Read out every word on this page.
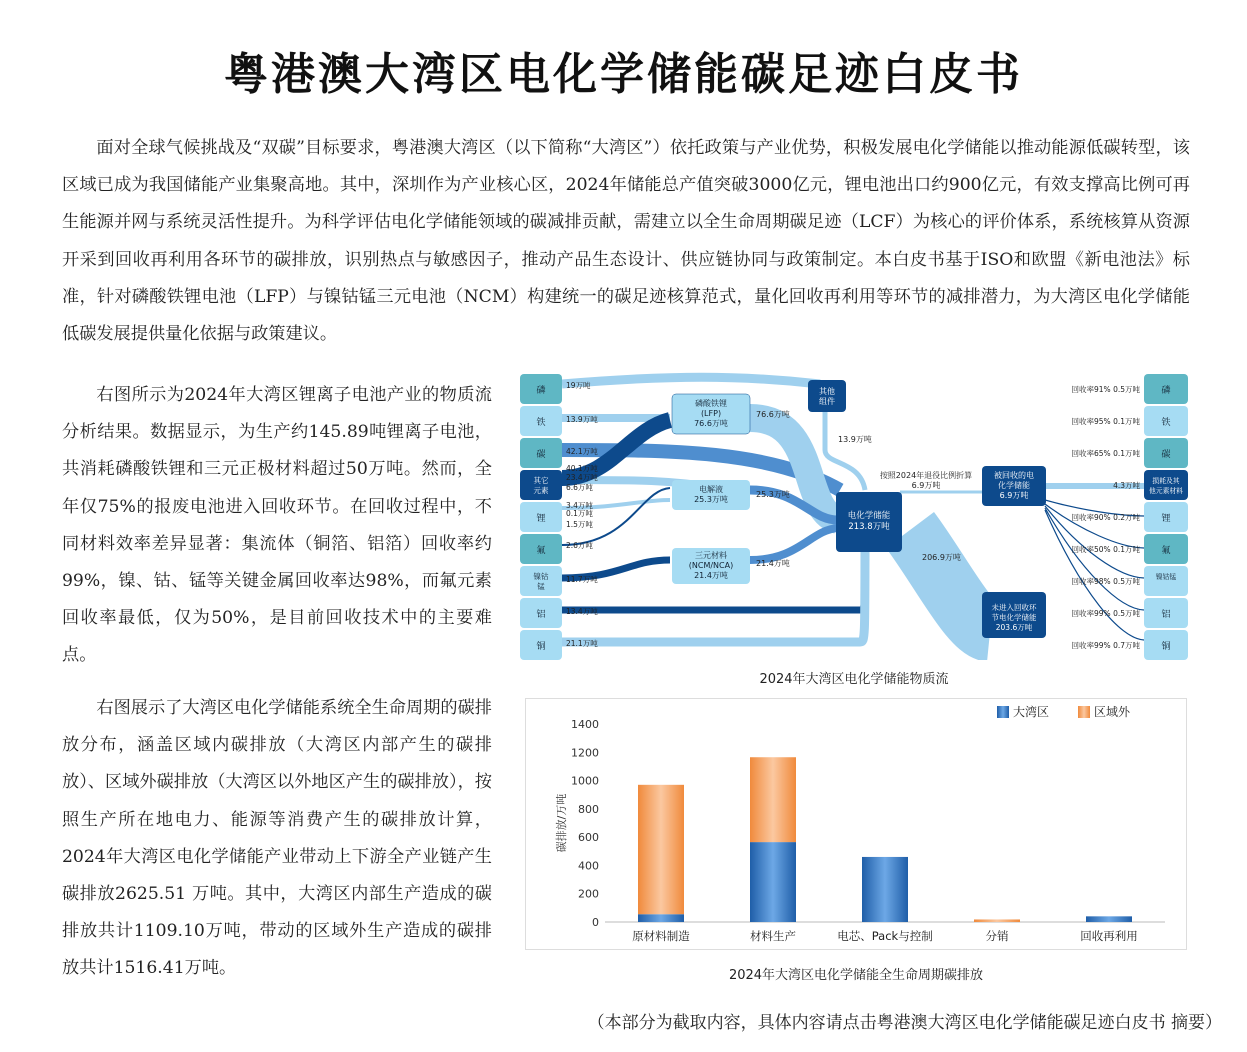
粤港澳大湾区电化学储能碳足迹白皮书

面对全球气候挑战及“双碳”目标要求，粤港澳大湾区（以下简称“大湾区”）依托政策与产业优势，积极发展电化学储能以推动能源低碳转型，该区域已成为我国储能产业集聚高地。其中，深圳作为产业核心区，2024年储能总产值突破3000亿元，锂电池出口约900亿元，有效支撑高比例可再生能源并网与系统灵活性提升。为科学评估电化学储能领域的碳减排贡献，需建立以全生命周期碳足迹（LCF）为核心的评价体系，系统核算从资源开采到回收再利用各环节的碳排放，识别热点与敏感因子，推动产品生态设计、供应链协同与政策制定。本白皮书基于ISO和欧盟《新电池法》标准，针对磷酸铁锂电池（LFP）与镍钴锰三元电池（NCM）构建统一的碳足迹核算范式，量化回收再利用等环节的减排潜力，为大湾区电化学储能低碳发展提供量化依据与政策建议。

右图所示为2024年大湾区锂离子电池产业的物质流分析结果。数据显示，为生产约145.89吨锂离子电池，共消耗磷酸铁锂和三元正极材料超过50万吨。然而，全年仅75%的报废电池进入回收环节。在回收过程中，不同材料效率差异显著：集流体（铜箔、铝箔）回收率约99%，镍、钴、锰等关键金属回收率达98%，而氟元素回收率最低，仅为50%，是目前回收技术中的主要难点。

右图展示了大湾区电化学储能系统全生命周期的碳排放分布，涵盖区域内碳排放（大湾区内部产生的碳排放）、区域外碳排放（大湾区以外地区产生的碳排放），按照生产所在地电力、能源等消费产生的碳排放计算，2024年大湾区电化学储能产业带动上下游全产业链产生碳排放2625.51 万吨。其中，大湾区内部生产造成的碳排放共计1109.10万吨，带动的区域外生产造成的碳排放共计1516.41万吨。

磷
铁
碳
其它元素
锂
氟
镍钴锰
铝
铜
磷
铁
碳
损耗及其他元素材料
锂
氟
镍钴锰
铝
铜
19万吨
13.9万吨
42.1万吨
40.1万吨
23.4万吨
6.6万吨
3.4万吨
0.1万吨
1.5万吨
2.6万吨
11.7万吨
13.4万吨
21.1万吨
磷酸铁锂(LFP) 76.6万吨
电解液 25.3万吨
三元材料(NCM/NCA) 21.4万吨
其他组件
电化学储能 213.8万吨
被回收的电化学储能 6.9万吨
未进入回收环节电化学储能 203.6万吨
76.6万吨
25.3万吨
21.4万吨
13.9万吨
按照2024年退役比例折算 6.9万吨
206.9万吨
回收率91% 0.5万吨
回收率95% 0.1万吨
回收率65% 0.1万吨
4.3万吨
回收率90% 0.2万吨
回收率50% 0.1万吨
回收率98% 0.5万吨
回收率99% 0.5万吨
回收率99% 0.7万吨
2024年大湾区电化学储能物质流
0
200
400
600
800
1000
1200
1400
碳排放/万吨
原材料制造	材料生产	电芯、Pack与控制	分销	回收再利用
大湾区	区域外
2024年大湾区电化学储能全生命周期碳排放
（本部分为截取内容，具体内容请点击粤港澳大湾区电化学储能碳足迹白皮书 摘要）
